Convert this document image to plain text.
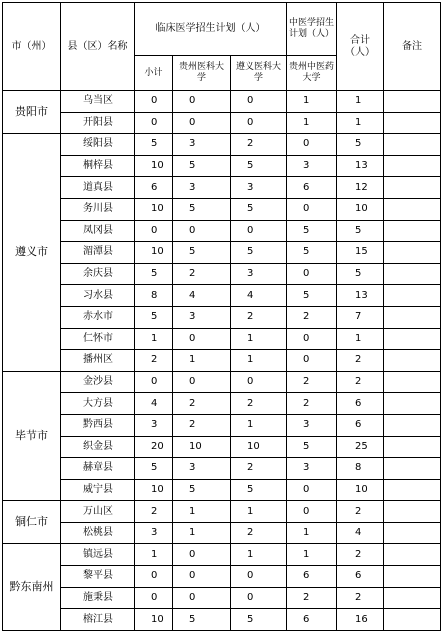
市（州）	县（区）名称	临床医学招生计划（人）			中医学招生计划（人）	合计（人）	备注
		小计	贵州医科大学	遵义医科大学	贵州中医药大学		
贵阳市	乌当区	0	0	0	1	1	
	开阳县	0	0	0	1	1	
遵义市	绥阳县	5	3	2	0	5	
	桐梓县	10	5	5	3	13	
	道真县	6	3	3	6	12	
	务川县	10	5	5	0	10	
	凤冈县	0	0	0	5	5	
	湄潭县	10	5	5	5	15	
	余庆县	5	2	3	0	5	
	习水县	8	4	4	5	13	
	赤水市	5	3	2	2	7	
	仁怀市	1	0	1	0	1	
	播州区	2	1	1	0	2	
毕节市	金沙县	0	0	0	2	2	
	大方县	4	2	2	2	6	
	黔西县	3	2	1	3	6	
	织金县	20	10	10	5	25	
	赫章县	5	3	2	3	8	
	威宁县	10	5	5	0	10	
铜仁市	万山区	2	1	1	0	2	
	松桃县	3	1	2	1	4	
黔东南州	镇远县	1	0	1	1	2	
	黎平县	0	0	0	6	6	
	施秉县	0	0	0	2	2	
	榕江县	10	5	5	6	16	
